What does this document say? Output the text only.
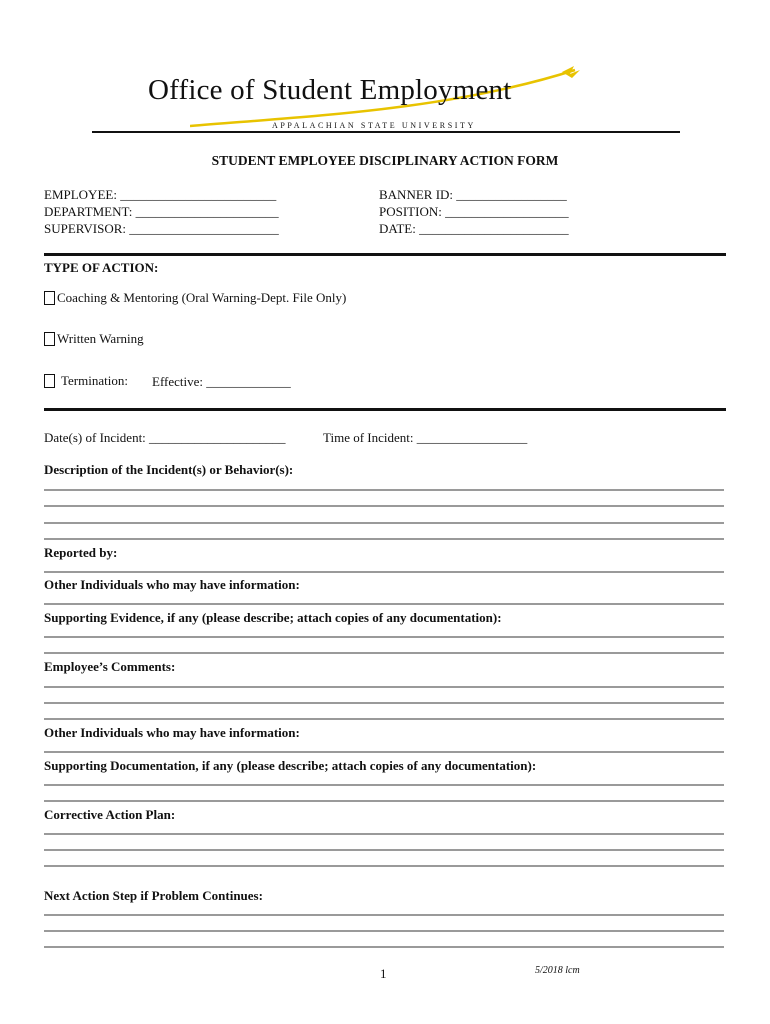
Office of Student Employment
APPALACHIAN STATE UNIVERSITY
STUDENT EMPLOYEE DISCIPLINARY ACTION FORM
EMPLOYEE: ________________________
DEPARTMENT: ______________________
SUPERVISOR: _______________________
BANNER ID: _________________
POSITION: ___________________
DATE: _______________________
TYPE OF ACTION:
Coaching & Mentoring (Oral Warning-Dept. File Only)
Written Warning
Termination: Effective: _____________
Date(s) of Incident: _____________________	Time of Incident: _________________
Description of the Incident(s) or Behavior(s):
Reported by:
Other Individuals who may have information:
Supporting Evidence, if any (please describe; attach copies of any documentation):
Employee’s Comments:
Other Individuals who may have information:
Supporting Documentation, if any (please describe; attach copies of any documentation):
Corrective Action Plan:
Next Action Step if Problem Continues:
1	5/2018 lcm
